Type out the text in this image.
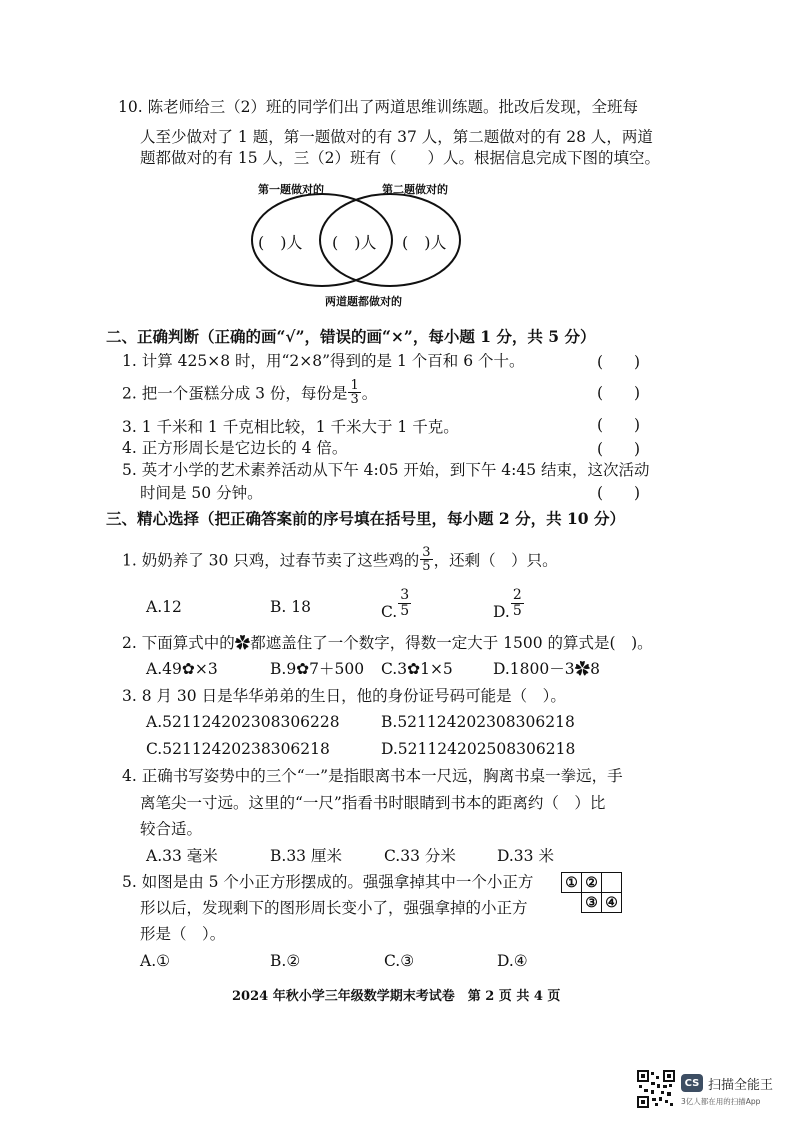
10. 陈老师给三（2）班的同学们出了两道思维训练题。批改后发现，全班每
人至少做对了 1 题，第一题做对的有 37 人，第二题做对的有 28 人，两道
题都做对的有 15 人，三（2）班有（　　）人。根据信息完成下图的填空。
第一题做对的	第二题做对的
两道题都做对的
(　)人 (　)人 (　)人
二、正确判断（正确的画“√”，错误的画“×”，每小题 1 分，共 5 分）
1. 计算 425×8 时，用“2×8”得到的是 1 个百和 6 个十。	(　　)
2. 把一个蛋糕分成 3 份，每份是 $\frac{1}{3}$ 。	(　　)
3. 1 千米和 1 千克相比较，1 千米大于 1 千克。	(　　)
4. 正方形周长是它边长的 4 倍。	(　　)
5. 英才小学的艺术素养活动从下午 4:05 开始，到下午 4:45 结束，这次活动
时间是 50 分钟。	(　　)
三、精心选择（把正确答案前的序号填在括号里，每小题 2 分，共 10 分）
1. 奶奶养了 30 只鸡，过春节卖了这些鸡的 $\frac{3}{5}$ ，还剩（　）只。
A.12	B. 18	C. $\frac{3}{5}$	D. $\frac{2}{5}$
2. 下面算式中的✿都遮盖住了一个数字，得数一定大于 1500 的算式是(　)。
A.49✿×3	B.9✿7＋500 C.3✿1×5	D.1800－3✿8
3. 8 月 30 日是华华弟弟的生日，他的身份证号码可能是（　）。
A.521124202308306228	B.521124202308306218
C.52112420238306218	D.521124202508306218
4. 正确书写姿势中的三个“一”是指眼离书本一尺远，胸离书桌一拳远，手
离笔尖一寸远。这里的“一尺”指看书时眼睛到书本的距离约（　）比
较合适。
A.33 毫米	B.33 厘米	C.33 分米	D.33 米
5. 如图是由 5 个小正方形摆成的。强强拿掉其中一个小正方
形以后，发现剩下的图形周长变小了，强强拿掉的小正方
形是（　）。
A.①	B.②	C.③	D.④
① ②
③ ④
2024 年秋小学三年级数学期末考试卷　第 2 页 共 4 页
CS 扫描全能王
3亿人都在用的扫描App
